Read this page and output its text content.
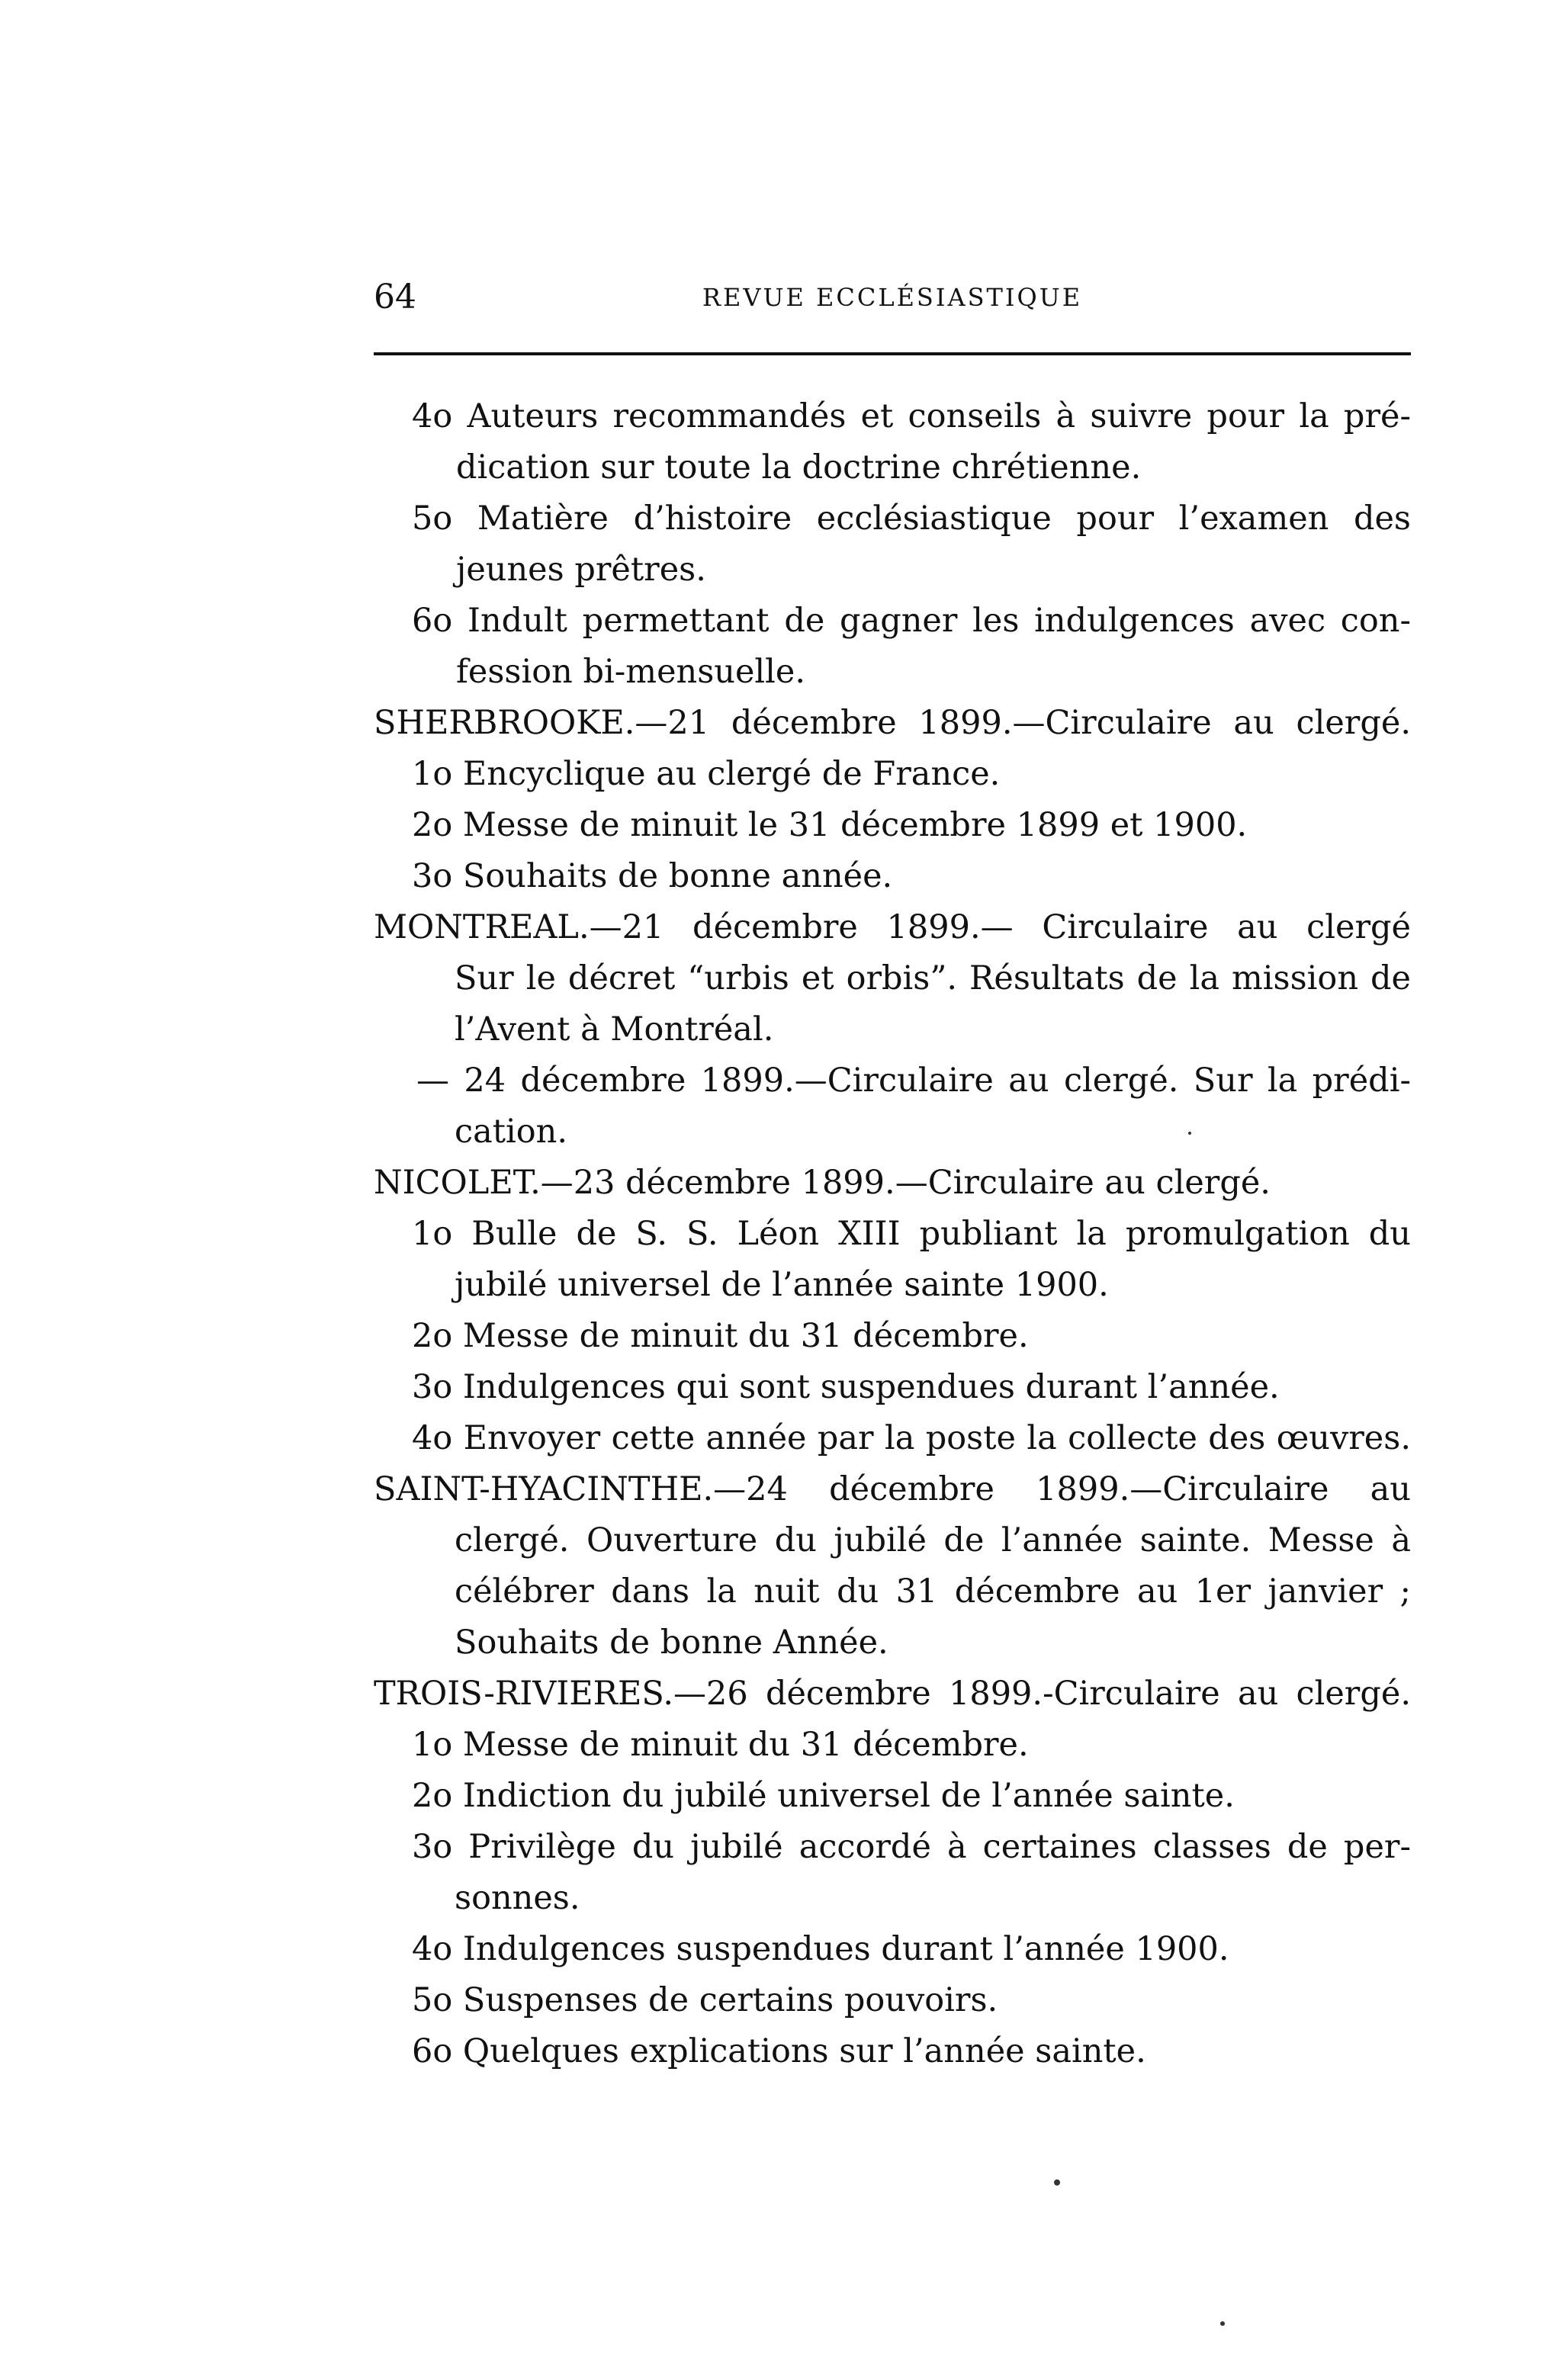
64	REVUE ECCLÉSIASTIQUE
4o Auteurs recommandés et conseils à suivre pour la pré-
dication sur toute la doctrine chrétienne.
5o Matière d’histoire ecclésiastique pour l’examen des
jeunes prêtres.
6o Indult permettant de gagner les indulgences avec con-
fession bi-mensuelle.
SHERBROOKE.—21 décembre 1899.—Circulaire au clergé.
1o Encyclique au clergé de France.
2o Messe de minuit le 31 décembre 1899 et 1900.
3o Souhaits de bonne année.
MONTREAL.—21 décembre 1899.— Circulaire au clergé
Sur le décret “urbis et orbis”. Résultats de la mission de
l’Avent à Montréal.
— 24 décembre 1899.—Circulaire au clergé. Sur la prédi-
cation.
NICOLET.—23 décembre 1899.—Circulaire au clergé.
1o Bulle de S. S. Léon XIII publiant la promulgation du
jubilé universel de l’année sainte 1900.
2o Messe de minuit du 31 décembre.
3o Indulgences qui sont suspendues durant l’année.
4o Envoyer cette année par la poste la collecte des œuvres.
SAINT-HYACINTHE.—24 décembre 1899.—Circulaire au
clergé. Ouverture du jubilé de l’année sainte. Messe à
célébrer dans la nuit du 31 décembre au 1er janvier ;
Souhaits de bonne Année.
TROIS-RIVIERES.—26 décembre 1899.-Circulaire au clergé.
1o Messe de minuit du 31 décembre.
2o Indiction du jubilé universel de l’année sainte.
3o Privilège du jubilé accordé à certaines classes de per-
sonnes.
4o Indulgences suspendues durant l’année 1900.
5o Suspenses de certains pouvoirs.
6o Quelques explications sur l’année sainte.
